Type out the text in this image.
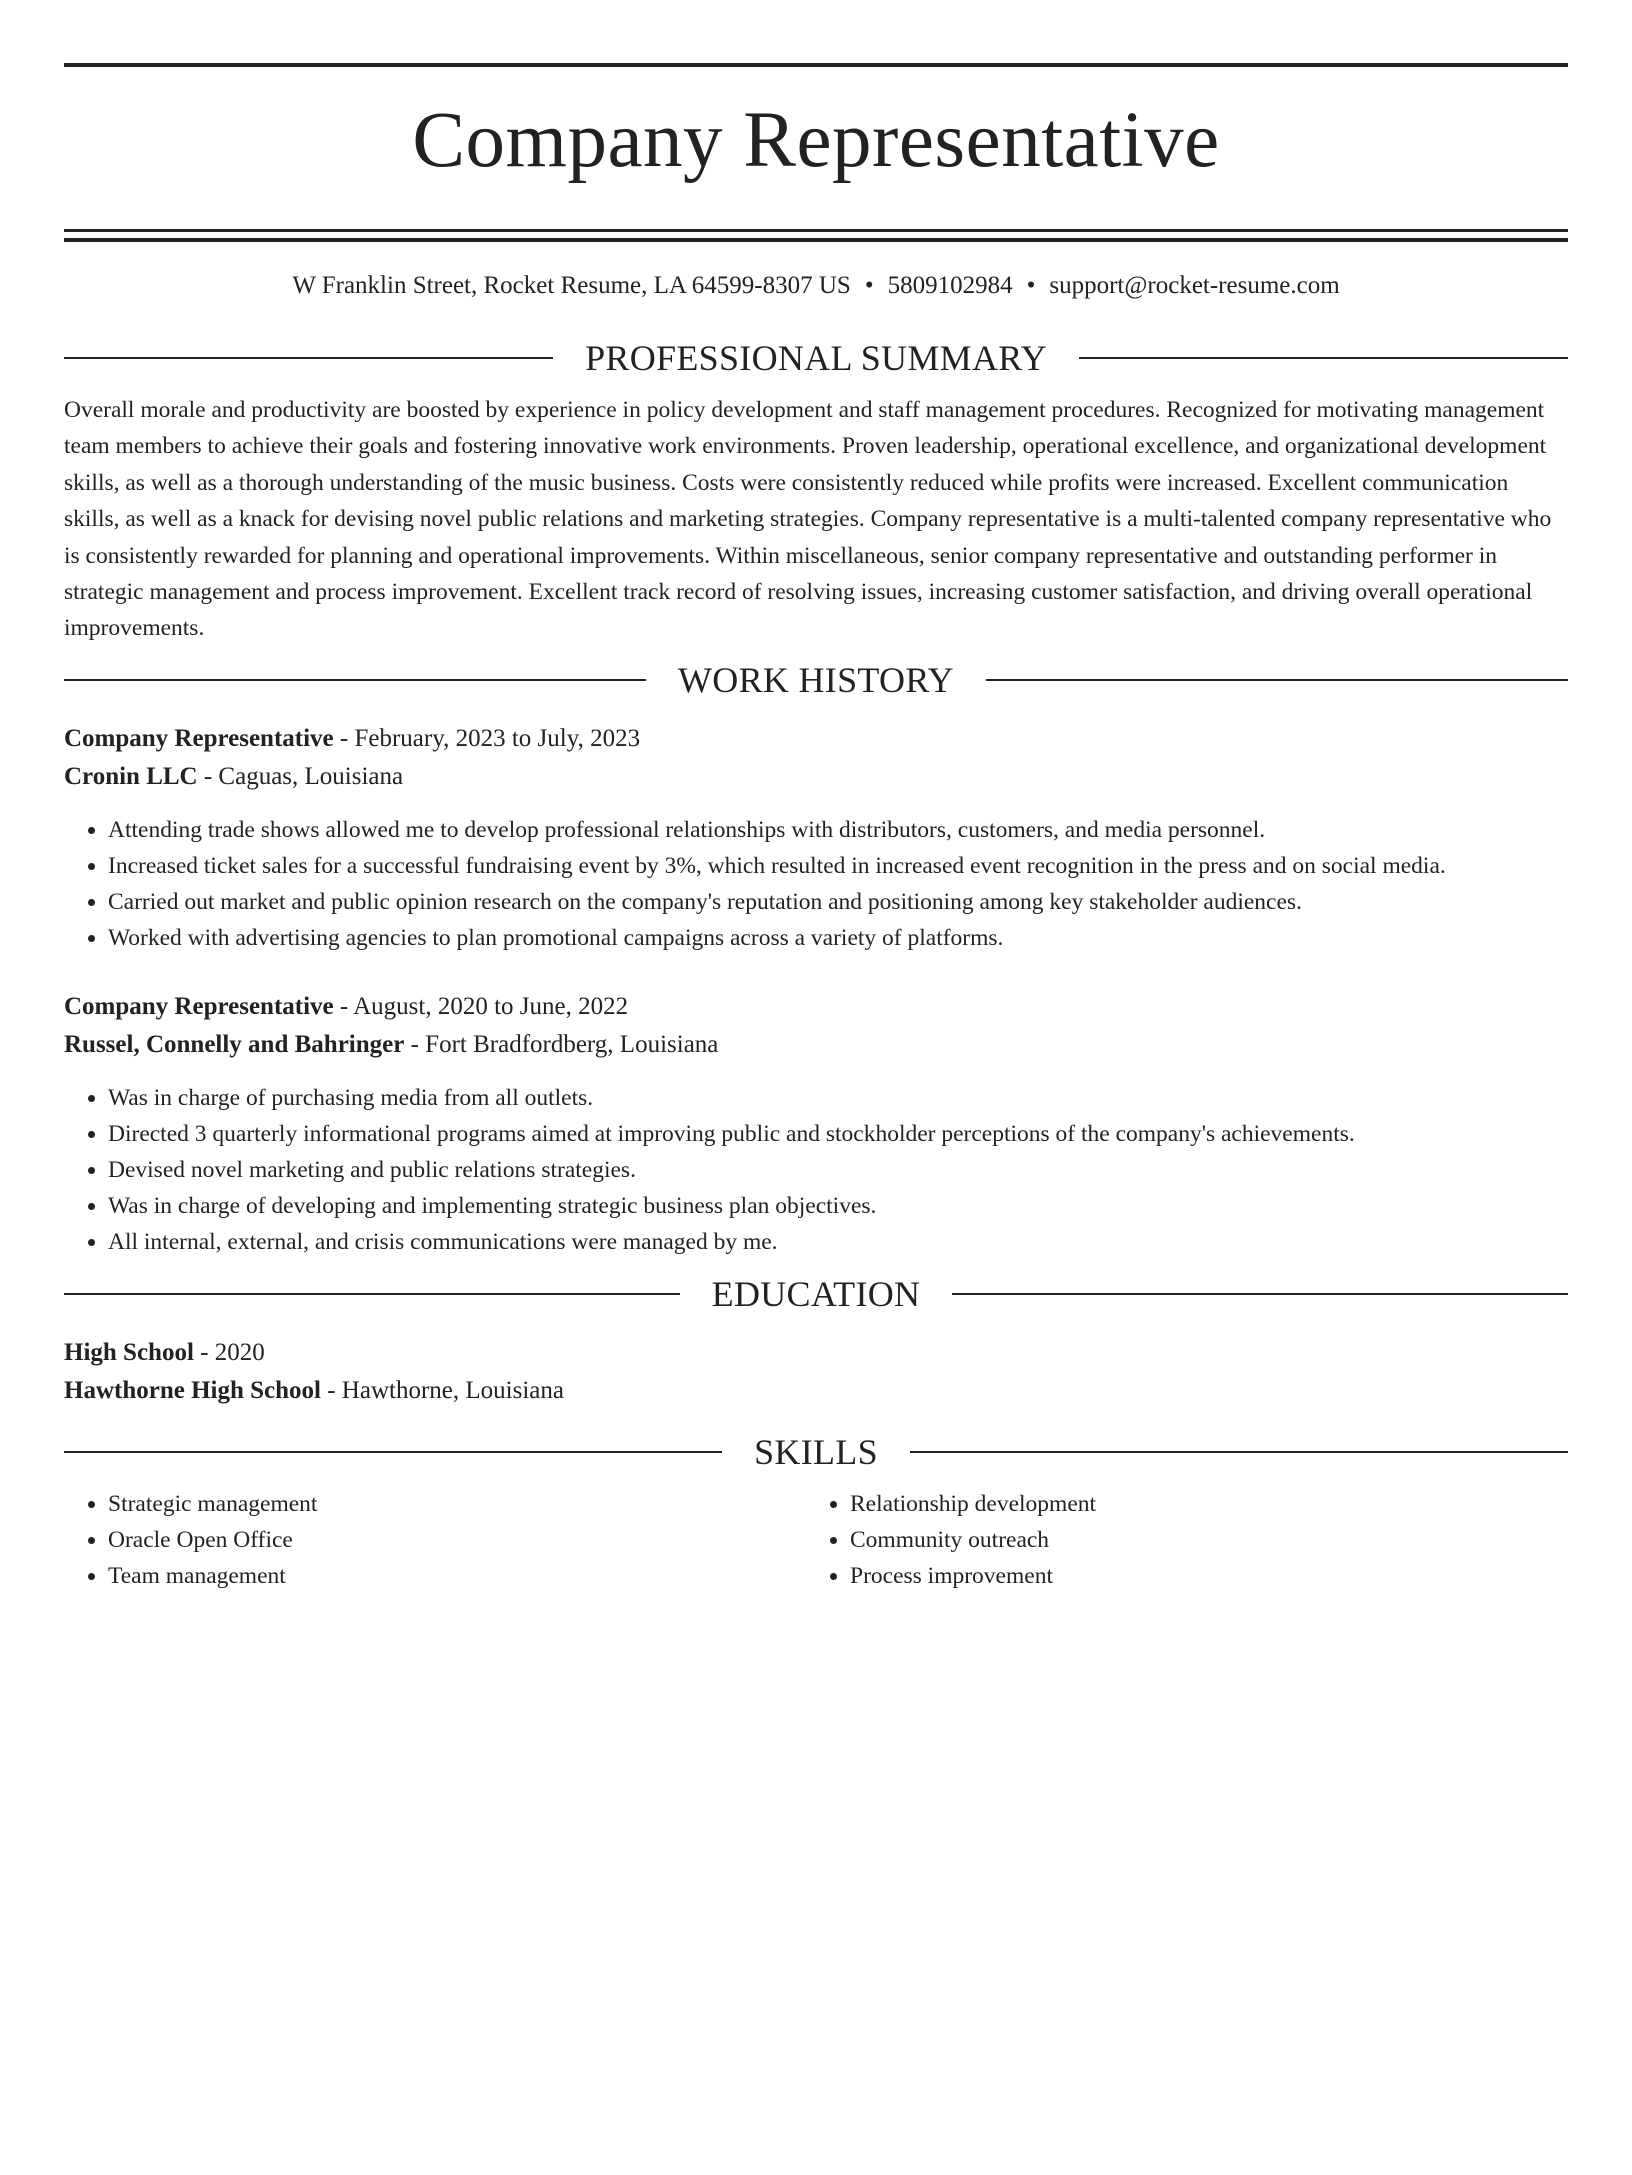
Company Representative
W Franklin Street, Rocket Resume, LA 64599-8307 US • 5809102984 • support@rocket-resume.com
PROFESSIONAL SUMMARY
Overall morale and productivity are boosted by experience in policy development and staff management procedures. Recognized for motivating management team members to achieve their goals and fostering innovative work environments. Proven leadership, operational excellence, and organizational development skills, as well as a thorough understanding of the music business. Costs were consistently reduced while profits were increased. Excellent communication skills, as well as a knack for devising novel public relations and marketing strategies. Company representative is a multi-talented company representative who is consistently rewarded for planning and operational improvements. Within miscellaneous, senior company representative and outstanding performer in strategic management and process improvement. Excellent track record of resolving issues, increasing customer satisfaction, and driving overall operational improvements.
WORK HISTORY
Company Representative - February, 2023 to July, 2023
Cronin LLC - Caguas, Louisiana
• Attending trade shows allowed me to develop professional relationships with distributors, customers, and media personnel.
• Increased ticket sales for a successful fundraising event by 3%, which resulted in increased event recognition in the press and on social media.
• Carried out market and public opinion research on the company's reputation and positioning among key stakeholder audiences.
• Worked with advertising agencies to plan promotional campaigns across a variety of platforms.
Company Representative - August, 2020 to June, 2022
Russel, Connelly and Bahringer - Fort Bradfordberg, Louisiana
• Was in charge of purchasing media from all outlets.
• Directed 3 quarterly informational programs aimed at improving public and stockholder perceptions of the company's achievements.
• Devised novel marketing and public relations strategies.
• Was in charge of developing and implementing strategic business plan objectives.
• All internal, external, and crisis communications were managed by me.
EDUCATION
High School - 2020
Hawthorne High School - Hawthorne, Louisiana
SKILLS
• Strategic management
• Oracle Open Office
• Team management
• Relationship development
• Community outreach
• Process improvement
